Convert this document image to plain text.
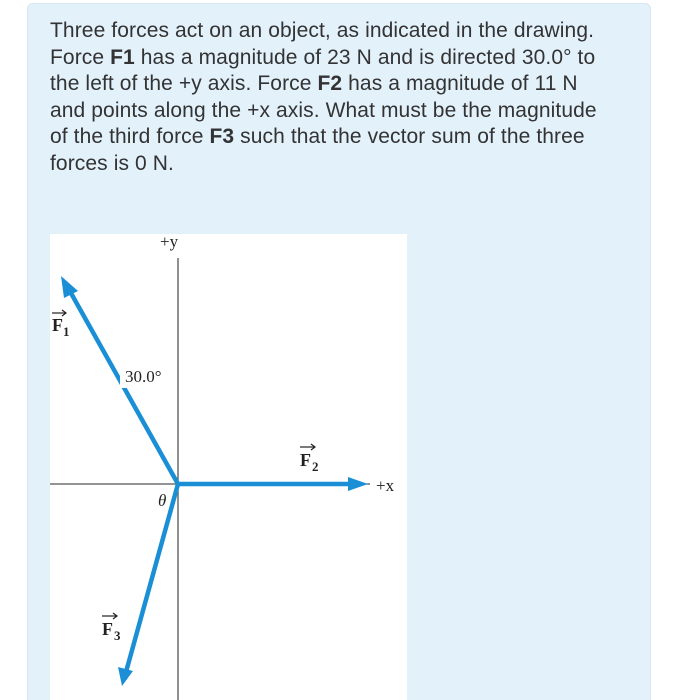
Three forces act on an object, as indicated in the drawing. Force F1 has a magnitude of 23 N and is directed 30.0° to the left of the +y axis. Force F2 has a magnitude of 11 N and points along the +x axis. What must be the magnitude of the third force F3 such that the vector sum of the three forces is 0 N.

+y
+x
30.0°
θ
F 1
F 2
F 3
